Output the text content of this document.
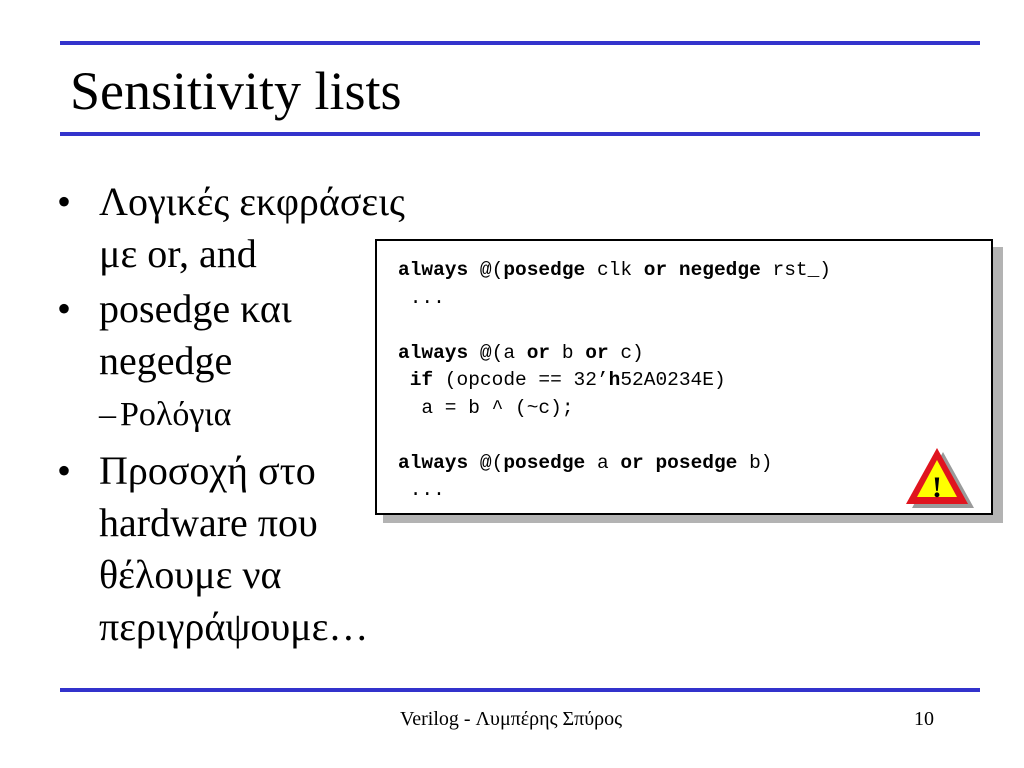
Sensitivity lists
• Λογικές εκφράσεις
με or, and
• posedge και
negedge
– Ρολόγια
• Προσοχή στο
hardware που
θέλουμε να
περιγράψουμε…
always @(posedge clk or negedge rst_)
...

always @(a or b or c)
if (opcode == 32’h52A0234E)
a = b ^ (~c);

always @(posedge a or posedge b)
...	!
Verilog - Λυμπέρης Σπύρος	10
